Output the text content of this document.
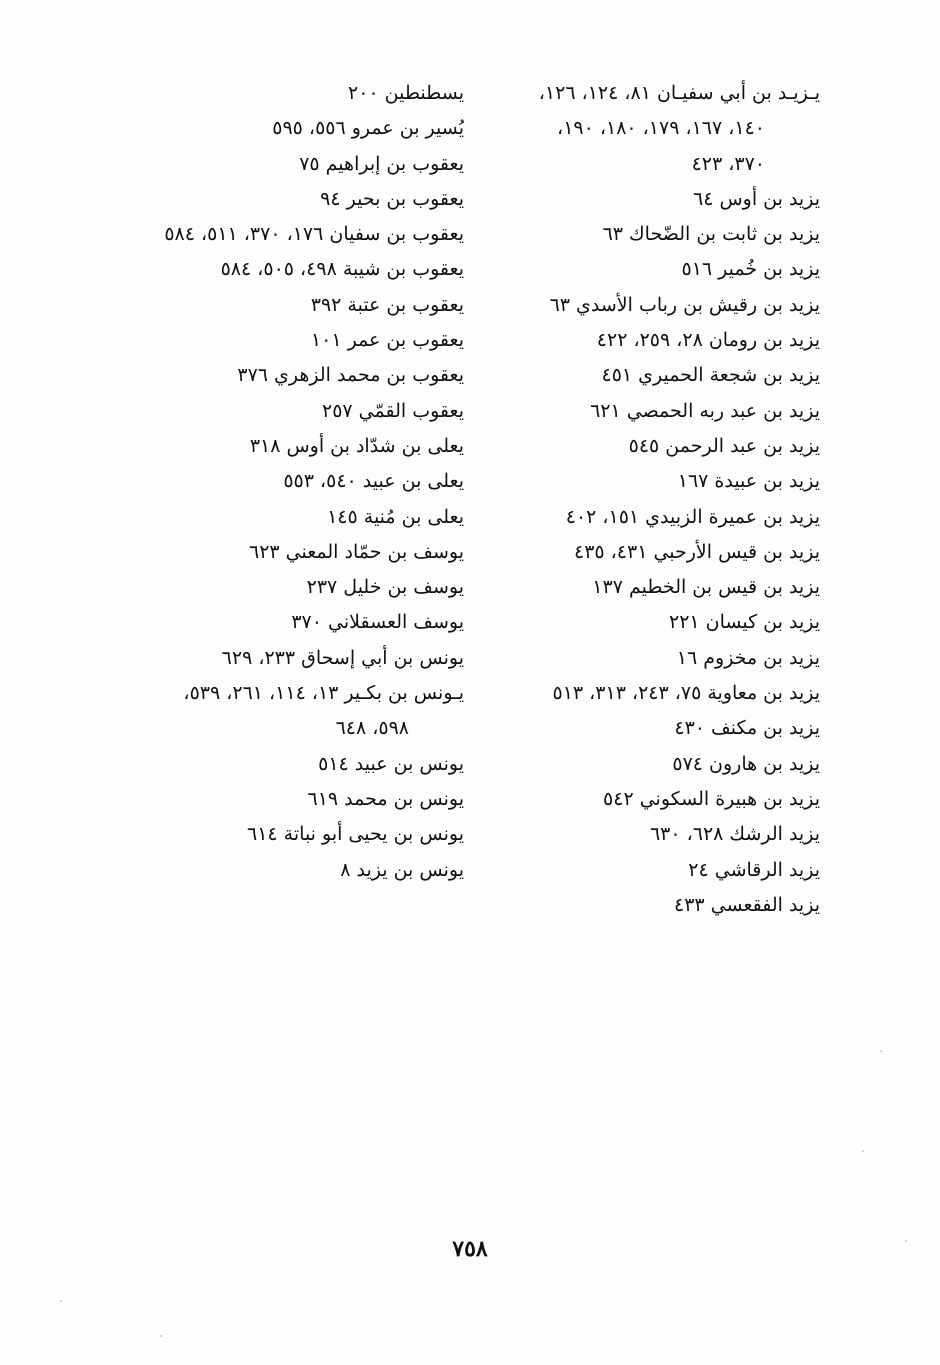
يـزيـد بن أبي سفيـان ٨١، ١٢٤، ١٢٦،
١٤٠، ١٦٧، ١٧٩، ١٨٠، ١٩٠،
٣٧٠، ٤٢٣
يزيد بن أوس ٦٤
يزيد بن ثابت بن الضّحاك ٦٣
يزيد بن خُمير ٥١٦
يزيد بن رقيش بن رباب الأسدي ٦٣
يزيد بن رومان ٢٨، ٢٥٩، ٤٢٢
يزيد بن شجعة الحميري ٤٥١
يزيد بن عبد ربه الحمصي ٦٢١
يزيد بن عبد الرحمن ٥٤٥
يزيد بن عبيدة ١٦٧
يزيد بن عميرة الزبيدي ١٥١، ٤٠٢
يزيد بن قيس الأرحبي ٤٣١، ٤٣٥
يزيد بن قيس بن الخطيم ١٣٧
يزيد بن كيسان ٢٢١
يزيد بن مخزوم ١٦
يزيد بن معاوية ٧٥، ٢٤٣، ٣١٣، ٥١٣
يزيد بن مكنف ٤٣٠
يزيد بن هارون ٥٧٤
يزيد بن هبيرة السكوني ٥٤٢
يزيد الرشك ٦٢٨، ٦٣٠
يزيد الرقاشي ٢٤
يزيد الفقعسي ٤٣٣
يسطنطين ٢٠٠
يُسير بن عمرو ٥٥٦، ٥٩٥
يعقوب بن إبراهيم ٧٥
يعقوب بن بحير ٩٤
يعقوب بن سفيان ١٧٦، ٣٧٠، ٥١١، ٥٨٤
يعقوب بن شيبة ٤٩٨، ٥٠٥، ٥٨٤
يعقوب بن عتبة ٣٩٢
يعقوب بن عمر ١٠١
يعقوب بن محمد الزهري ٣٧٦
يعقوب القمّي ٢٥٧
يعلى بن شدّاد بن أوس ٣١٨
يعلى بن عبيد ٥٤٠، ٥٥٣
يعلى بن مُنية ١٤٥
يوسف بن حمّاد المعني ٦٢٣
يوسف بن خليل ٢٣٧
يوسف العسقلاني ٣٧٠
يونس بن أبي إسحاق ٢٣٣، ٦٢٩
يـونس بن بكـير ١٣، ١١٤، ٢٦١، ٥٣٩،
٥٩٨، ٦٤٨
يونس بن عبيد ٥١٤
يونس بن محمد ٦١٩
يونس بن يحيى أبو نباتة ٦١٤
يونس بن يزيد ٨
٧٥٨
